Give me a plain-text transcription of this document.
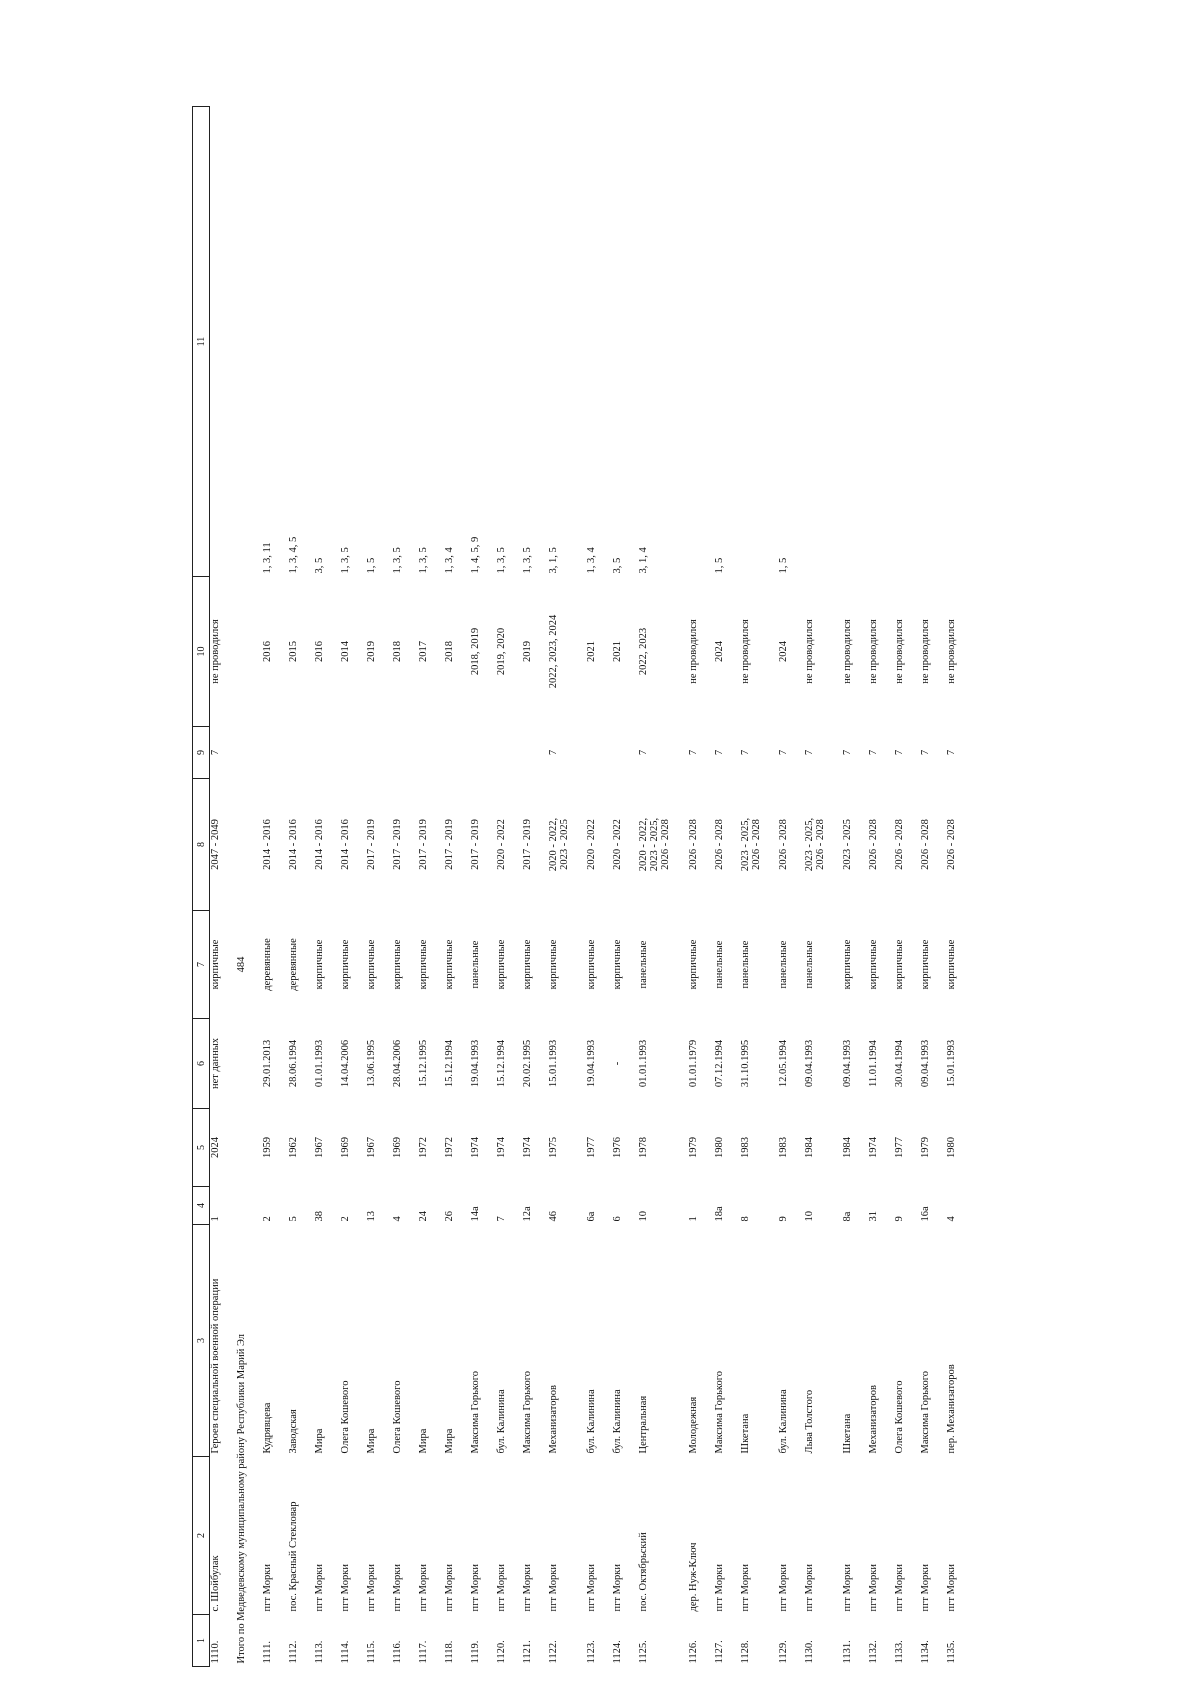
1	2	3	4	5	6	7	8	9	10	11
1110.	с. Шойбулак	Героев специальной военной операции	1	2024	нет данных	кирпичные	2047 - 2049	7	не проводился	
Итого по Медведевскому муниципальному району Республики Марий Эл						484				
1111.	пгт Морки	Кудрявцева	2	1959	29.01.2013	деревянные	2014 - 2016		2016	1, 3, 11
1112.	пос. Красный Стекловар	Заводская	5	1962	28.06.1994	деревянные	2014 - 2016		2015	1, 3, 4, 5
1113.	пгт Морки	Мира	38	1967	01.01.1993	кирпичные	2014 - 2016		2016	3, 5
1114.	пгт Морки	Олега Кошевого	2	1969	14.04.2006	кирпичные	2014 - 2016		2014	1, 3, 5
1115.	пгт Морки	Мира	13	1967	13.06.1995	кирпичные	2017 - 2019		2019	1, 5
1116.	пгт Морки	Олега Кошевого	4	1969	28.04.2006	кирпичные	2017 - 2019		2018	1, 3, 5
1117.	пгт Морки	Мира	24	1972	15.12.1995	кирпичные	2017 - 2019		2017	1, 3, 5
1118.	пгт Морки	Мира	26	1972	15.12.1994	кирпичные	2017 - 2019		2018	1, 3, 4
1119.	пгт Морки	Максима Горького	14а	1974	19.04.1993	панельные	2017 - 2019		2018, 2019	1, 4, 5, 9
1120.	пгт Морки	бул. Калинина	7	1974	15.12.1994	кирпичные	2020 - 2022		2019, 2020	1, 3, 5
1121.	пгт Морки	Максима Горького	12а	1974	20.02.1995	кирпичные	2017 - 2019		2019	1, 3, 5
1122.	пгт Морки	Механизаторов	46	1975	15.01.1993	кирпичные	2020 - 2022, 2023 - 2025	7	2022, 2023, 2024	3, 1, 5
1123.	пгт Морки	бул. Калинина	6а	1977	19.04.1993	кирпичные	2020 - 2022		2021	1, 3, 4
1124.	пгт Морки	бул. Калинина	6	1976	-	кирпичные	2020 - 2022		2021	3, 5
1125.	пос. Октябрьский	Центральная	10	1978	01.01.1993	панельные	2020 - 2022, 2023 - 2025, 2026 - 2028	7	2022, 2023	3, 1, 4
1126.	дер. Нуж-Ключ	Молодежная	1	1979	01.01.1979	кирпичные	2026 - 2028	7	не проводился	
1127.	пгт Морки	Максима Горького	18а	1980	07.12.1994	панельные	2026 - 2028	7	2024	1, 5
1128.	пгт Морки	Шкетана	8	1983	31.10.1995	панельные	2023 - 2025, 2026 - 2028	7	не проводился	
1129.	пгт Морки	бул. Калинина	9	1983	12.05.1994	панельные	2026 - 2028	7	2024	1, 5
1130.	пгт Морки	Льва Толстого	10	1984	09.04.1993	панельные	2023 - 2025, 2026 - 2028	7	не проводился	
1131.	пгт Морки	Шкетана	8а	1984	09.04.1993	кирпичные	2023 - 2025	7	не проводился	
1132.	пгт Морки	Механизаторов	31	1974	11.01.1994	кирпичные	2026 - 2028	7	не проводился	
1133.	пгт Морки	Олега Кошевого	9	1977	30.04.1994	кирпичные	2026 - 2028	7	не проводился	
1134.	пгт Морки	Максима Горького	16а	1979	09.04.1993	кирпичные	2026 - 2028	7	не проводился	
1135.	пгт Морки	пер. Механизаторов	4	1980	15.01.1993	кирпичные	2026 - 2028	7	не проводился	
